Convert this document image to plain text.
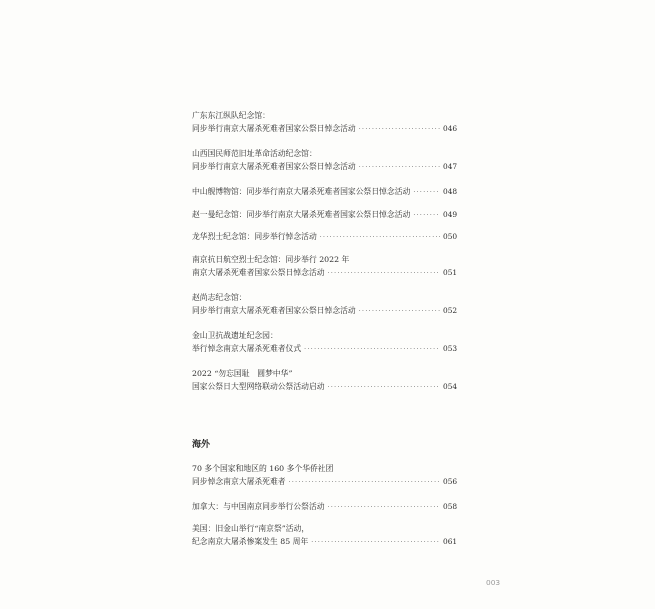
广东东江纵队纪念馆：
同步举行南京大屠杀死难者国家公祭日悼念活动 ·····	046
山西国民师范旧址革命活动纪念馆：
同步举行南京大屠杀死难者国家公祭日悼念活动 ·····	047
中山舰博物馆：同步举行南京大屠杀死难者国家公祭日悼念活动 ·····	048
赵一曼纪念馆：同步举行南京大屠杀死难者国家公祭日悼念活动 ·····	049
龙华烈士纪念馆：同步举行悼念活动 ·····	050
南京抗日航空烈士纪念馆：同步举行 2022 年
南京大屠杀死难者国家公祭日悼念活动 ·····	051
赵尚志纪念馆：
同步举行南京大屠杀死难者国家公祭日悼念活动 ·····	052
金山卫抗战遗址纪念园：
举行悼念南京大屠杀死难者仪式 ·····	053
2022 “勿忘国耻　圆梦中华”
国家公祭日大型网络联动公祭活动启动 ·····	054
海外
70 多个国家和地区的 160 多个华侨社团
同步悼念南京大屠杀死难者 ·····	056
加拿大：与中国南京同步举行公祭活动 ·····	058
美国：旧金山举行“南京祭”活动，
纪念南京大屠杀惨案发生 85 周年 ·····	061
003
